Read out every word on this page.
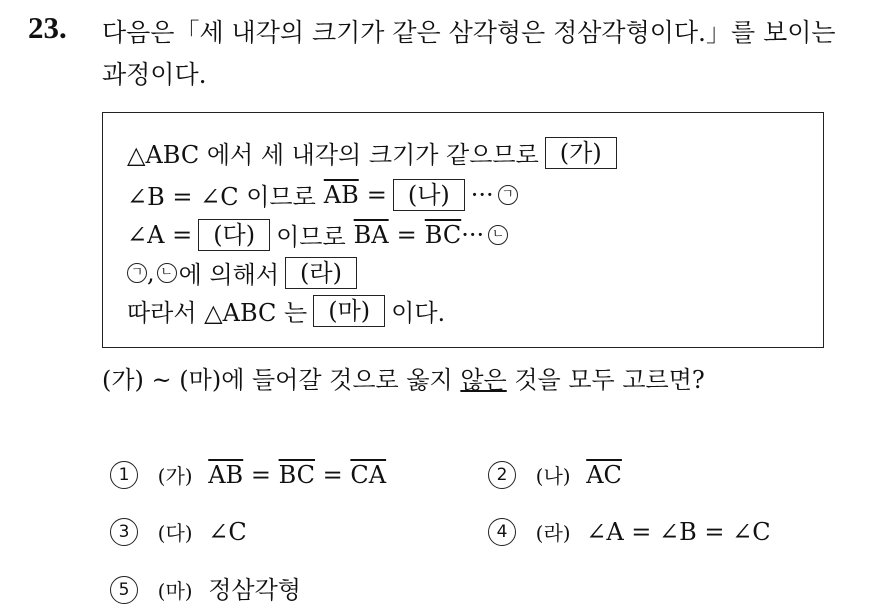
23. 다음은「세 내각의 크기가 같은 삼각형은 정삼각형이다.」를 보이는
과정이다.
△ABC 에서 세 내각의 크기가 같으므로 (가)
∠B = ∠C 이므로 $\overline{AB}$ = (나) ··· ㄱ
∠A = (다) 이므로 $\overline{BA} = \overline{BC}$ ··· ㄴ
ㄱ , ㄴ 에 의해서 (라)
따라서 △ABC 는 (마) 이다.
(가) ~ (마)에 들어갈 것으로 옳지 않은 것을 모두 고르면?
1 (가) $\overline{AB} = \overline{BC} = \overline{CA}$	2 (나) $\overline{AC}$
3 (다) ∠C	4 (라) ∠A = ∠B = ∠C
5 (마) 정삼각형
